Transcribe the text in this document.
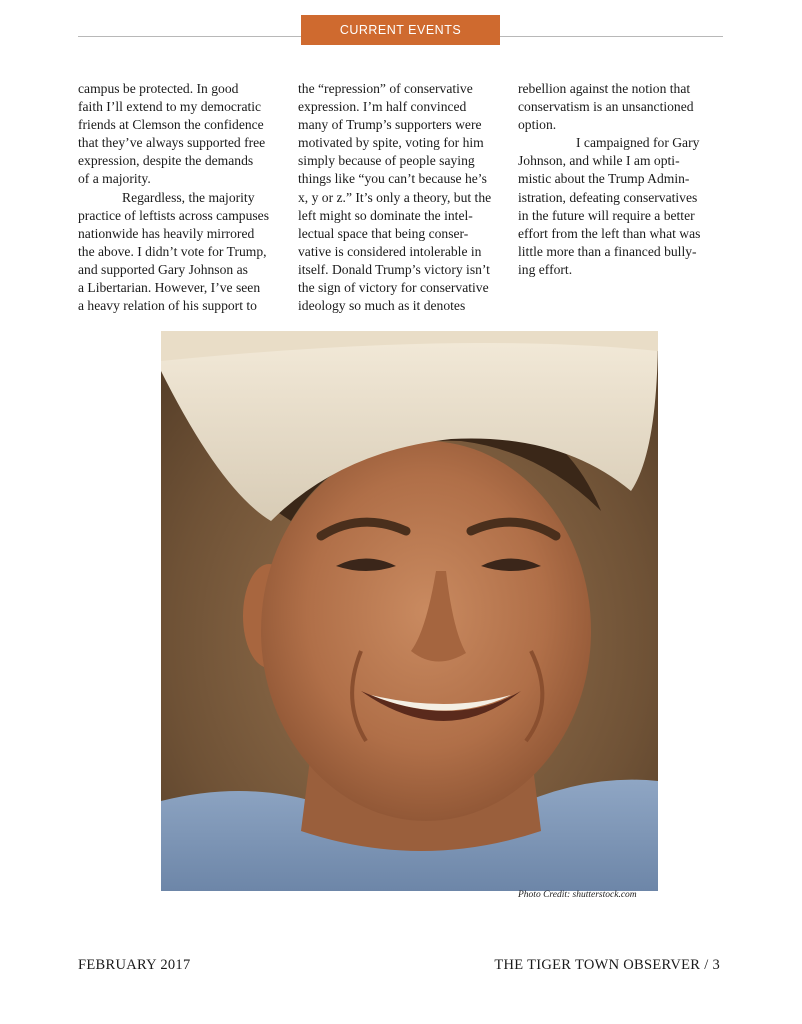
CURRENT EVENTS
campus be protected. In good
faith I’ll extend to my democratic
friends at Clemson the confidence
that they’ve always supported free
expression, despite the demands
of a majority.
Regardless, the majority
practice of leftists across campuses
nationwide has heavily mirrored
the above. I didn’t vote for Trump,
and supported Gary Johnson as
a Libertarian. However, I’ve seen
a heavy relation of his support to
the “repression” of conservative
expression. I’m half convinced
many of Trump’s supporters were
motivated by spite, voting for him
simply because of people saying
things like “you can’t because he’s
x, y or z.” It’s only a theory, but the
left might so dominate the intel-
lectual space that being conser-
vative is considered intolerable in
itself. Donald Trump’s victory isn’t
the sign of victory for conservative
ideology so much as it denotes
rebellion against the notion that
conservatism is an unsanctioned
option.
I campaigned for Gary
Johnson, and while I am opti-
mistic about the Trump Admin-
istration, defeating conservatives
in the future will require a better
effort from the left than what was
little more than a financed bully-
ing effort.
Photo Credit: shutterstock.com
FEBRUARY 2017	THE TIGER TOWN OBSERVER / 3
